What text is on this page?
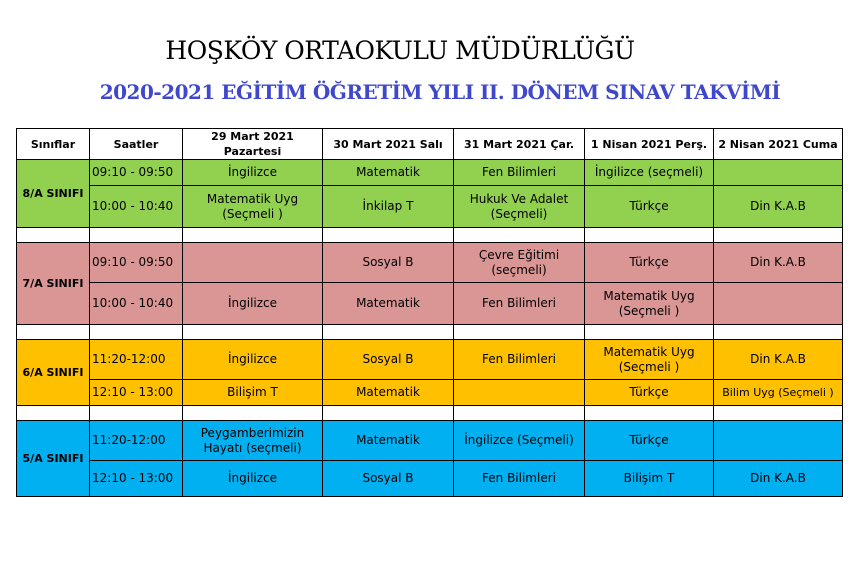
HOŞKÖY ORTAOKULU MÜDÜRLÜĞÜ
2020-2021 EĞİTİM ÖĞRETİM YILI II. DÖNEM SINAV TAKVİMİ
Sınıflar	Saatler	29 Mart 2021 Pazartesi	30 Mart 2021 Salı	31 Mart 2021 Çar.	1 Nisan 2021 Perş.	2 Nisan 2021 Cuma
8/A SINIFI	09:10 - 09:50	İngilizce	Matematik	Fen Bilimleri	İngilizce (seçmeli)	
	10:00 - 10:40	Matematik Uyg (Seçmeli )	İnkilap T	Hukuk Ve Adalet (Seçmeli)	Türkçe	Din K.A.B

7/A SINIFI	09:10 - 09:50		Sosyal B	Çevre Eğitimi (seçmeli)	Türkçe	Din K.A.B
	10:00 - 10:40	İngilizce	Matematik	Fen Bilimleri	Matematik Uyg (Seçmeli )	

6/A SINIFI	11:20-12:00	İngilizce	Sosyal B	Fen Bilimleri	Matematik Uyg (Seçmeli )	Din K.A.B
	12:10 - 13:00	Bilişim T	Matematik		Türkçe	Bilim Uyg (Seçmeli )

5/A SINIFI	11:20-12:00	Peygamberimizin Hayatı (seçmeli)	Matematik	İngilizce (Seçmeli)	Türkçe	
	12:10 - 13:00	İngilizce	Sosyal B	Fen Bilimleri	Bilişim T	Din K.A.B
